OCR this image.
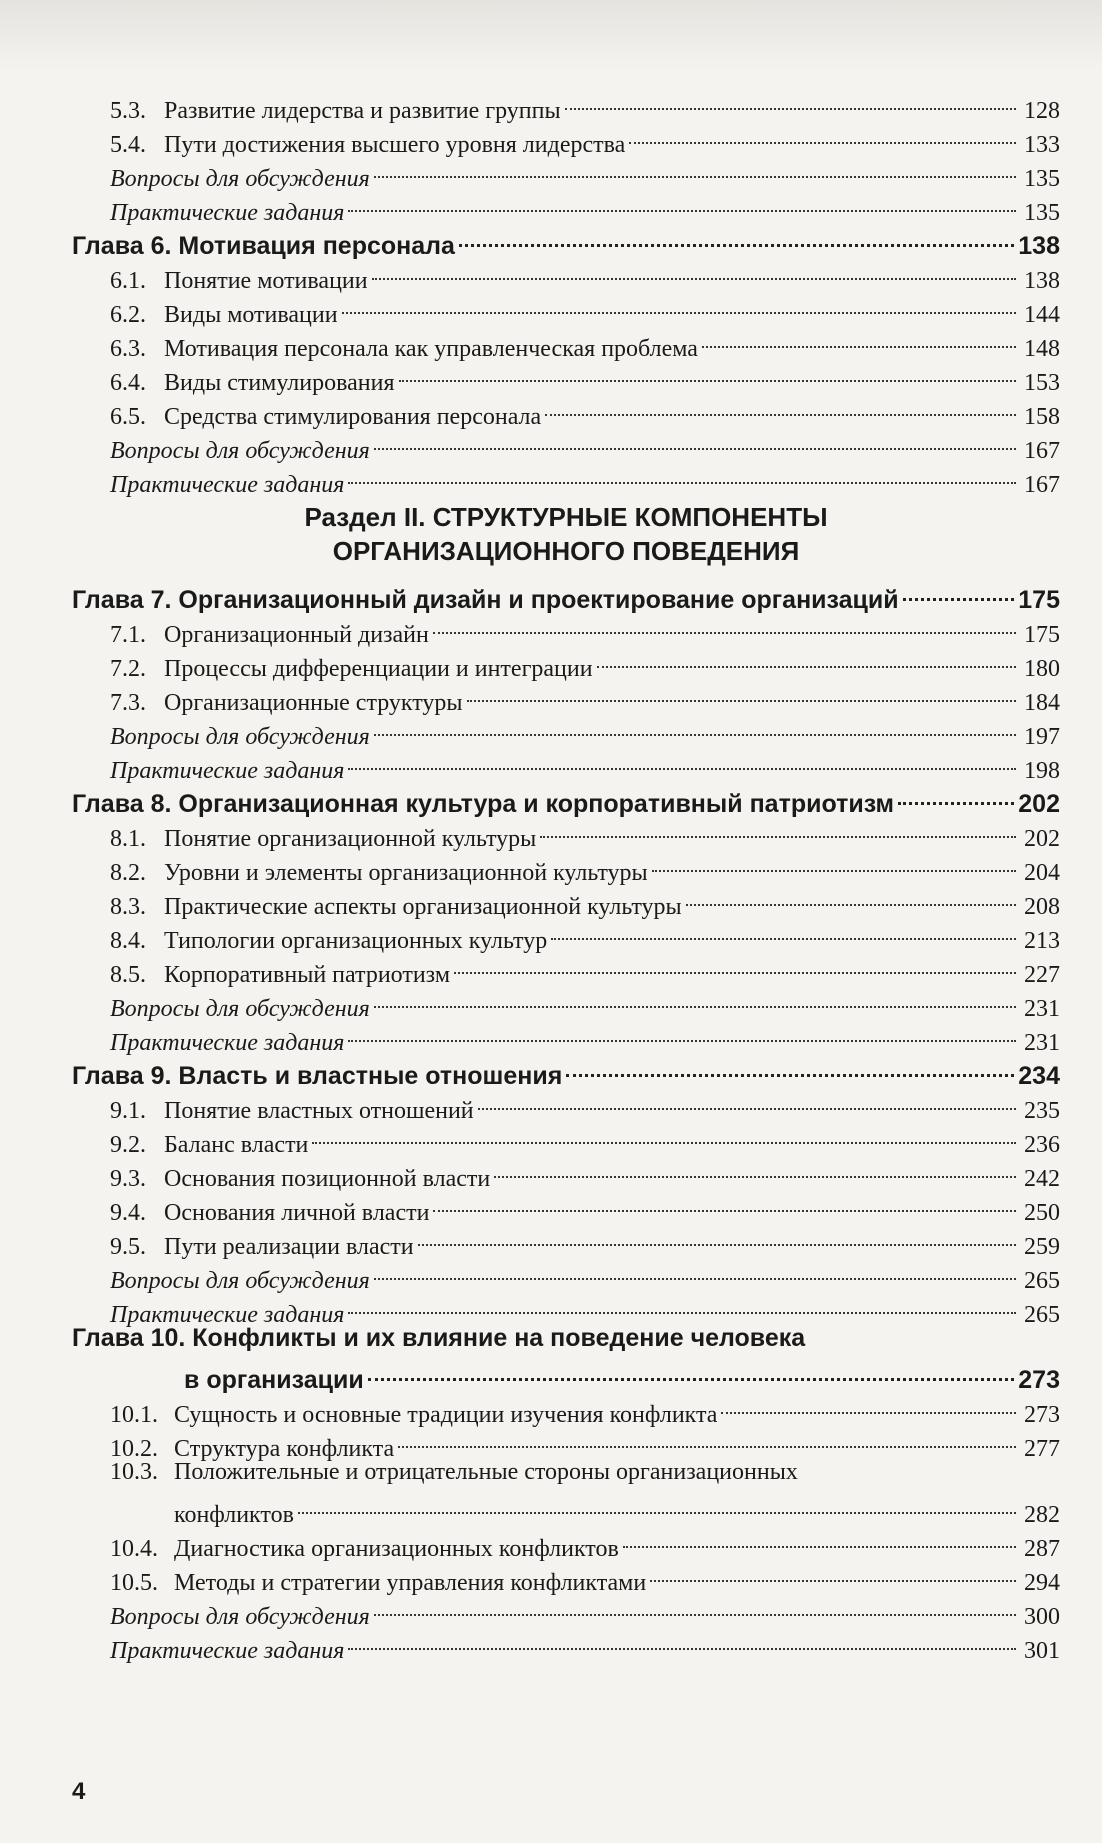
5.3. Развитие лидерства и развитие группы	128
5.4. Пути достижения высшего уровня лидерства	133
Вопросы для обсуждения	135
Практические задания	135
Глава 6. Мотивация персонала	138
6.1. Понятие мотивации	138
6.2. Виды мотивации	144
6.3. Мотивация персонала как управленческая проблема	148
6.4. Виды стимулирования	153
6.5. Средства стимулирования персонала	158
Вопросы для обсуждения	167
Практические задания	167
Раздел II. СТРУКТУРНЫЕ КОМПОНЕНТЫ
ОРГАНИЗАЦИОННОГО ПОВЕДЕНИЯ
Глава 7. Организационный дизайн и проектирование организаций	175
7.1. Организационный дизайн	175
7.2. Процессы дифференциации и интеграции	180
7.3. Организационные структуры	184
Вопросы для обсуждения	197
Практические задания	198
Глава 8. Организационная культура и корпоративный патриотизм	202
8.1. Понятие организационной культуры	202
8.2. Уровни и элементы организационной культуры	204
8.3. Практические аспекты организационной культуры	208
8.4. Типологии организационных культур	213
8.5. Корпоративный патриотизм	227
Вопросы для обсуждения	231
Практические задания	231
Глава 9. Власть и властные отношения	234
9.1. Понятие властных отношений	235
9.2. Баланс власти	236
9.3. Основания позиционной власти	242
9.4. Основания личной власти	250
9.5. Пути реализации власти	259
Вопросы для обсуждения	265
Практические задания	265
Глава 10. Конфликты и их влияние на поведение человека
в организации	273
10.1. Сущность и основные традиции изучения конфликта	273
10.2. Структура конфликта	277
10.3. Положительные и отрицательные стороны организационных
конфликтов	282
10.4. Диагностика организационных конфликтов	287
10.5. Методы и стратегии управления конфликтами	294
Вопросы для обсуждения	300
Практические задания	301
4
